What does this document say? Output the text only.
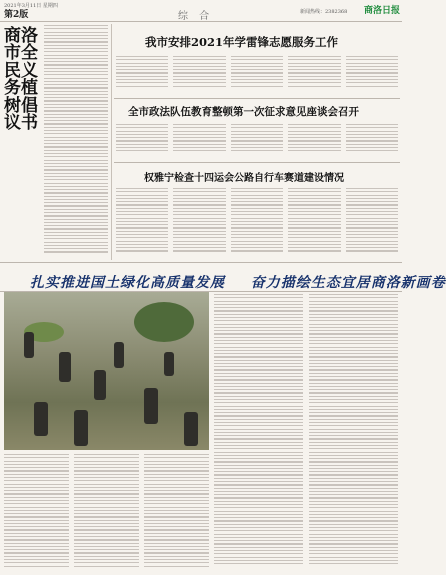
第2版
2021年3月11日 星期四
综 合	新闻热线：2382368 商洛日报
商洛市全民义务植树倡议书
我市安排2021年学雷锋志愿服务工作
全市政法队伍教育整顿第一次征求意见座谈会召开
权雅宁检查十四运会公路自行车赛道建设情况
扎实推进国土绿化高质量发展 奋力描绘生态宜居商洛新画卷
